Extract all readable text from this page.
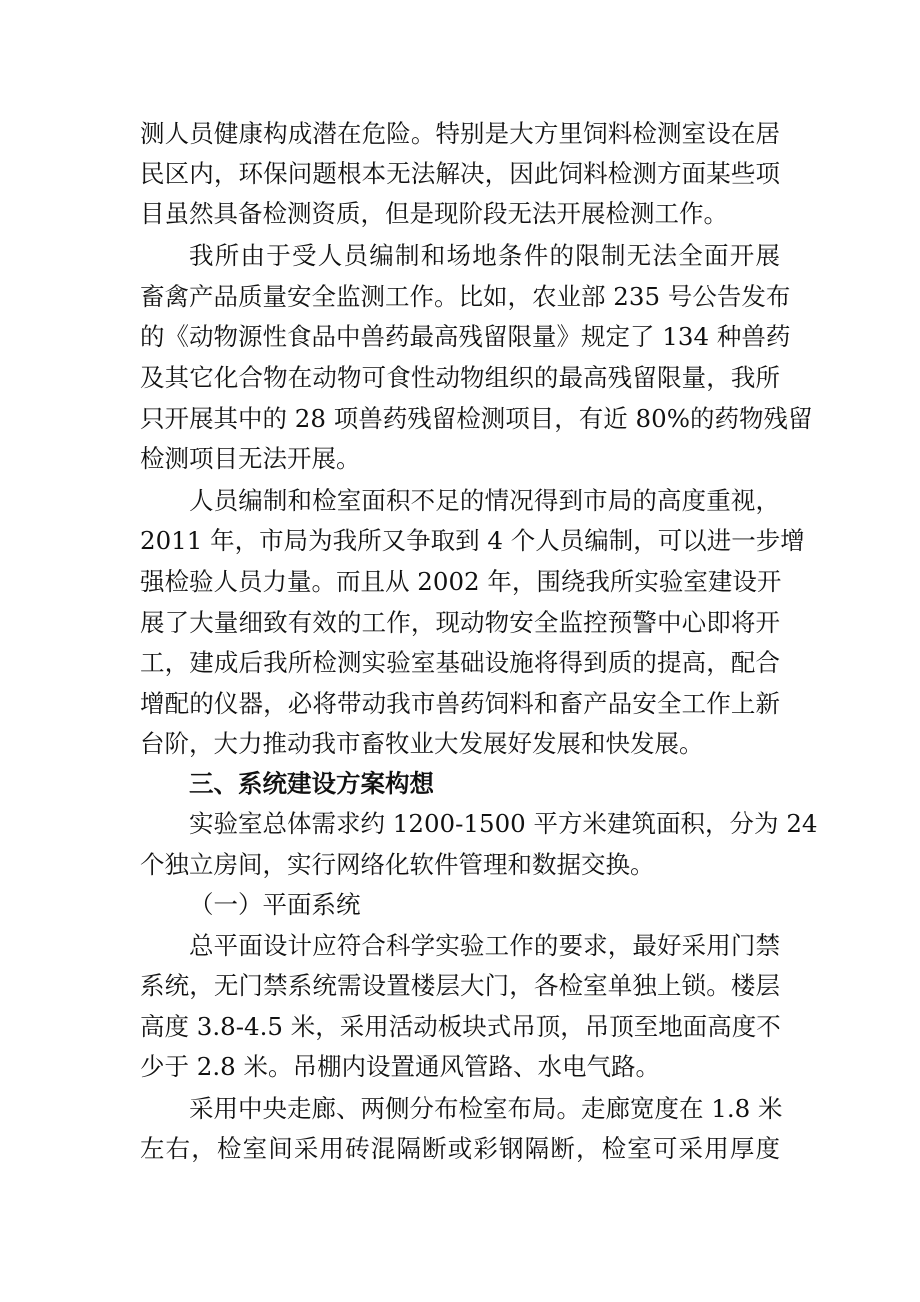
测人员健康构成潜在危险。特别是大方里饲料检测室设在居
民区内，环保问题根本无法解决，因此饲料检测方面某些项
目虽然具备检测资质，但是现阶段无法开展检测工作。
我所由于受人员编制和场地条件的限制无法全面开展
畜禽产品质量安全监测工作。比如，农业部 235 号公告发布
的《动物源性食品中兽药最高残留限量》规定了 134 种兽药
及其它化合物在动物可食性动物组织的最高残留限量，我所
只开展其中的 28 项兽药残留检测项目，有近 80%的药物残留
检测项目无法开展。
人员编制和检室面积不足的情况得到市局的高度重视，
2011 年，市局为我所又争取到 4 个人员编制，可以进一步增
强检验人员力量。而且从 2002 年，围绕我所实验室建设开
展了大量细致有效的工作，现动物安全监控预警中心即将开
工，建成后我所检测实验室基础设施将得到质的提高，配合
增配的仪器，必将带动我市兽药饲料和畜产品安全工作上新
台阶，大力推动我市畜牧业大发展好发展和快发展。
三、系统建设方案构想
实验室总体需求约 1200-1500 平方米建筑面积，分为 24
个独立房间，实行网络化软件管理和数据交换。
（一）平面系统
总平面设计应符合科学实验工作的要求，最好采用门禁
系统，无门禁系统需设置楼层大门，各检室单独上锁。楼层
高度 3.8-4.5 米，采用活动板块式吊顶，吊顶至地面高度不
少于 2.8 米。吊棚内设置通风管路、水电气路。
采用中央走廊、两侧分布检室布局。走廊宽度在 1.8 米
左右，检室间采用砖混隔断或彩钢隔断，检室可采用厚度
